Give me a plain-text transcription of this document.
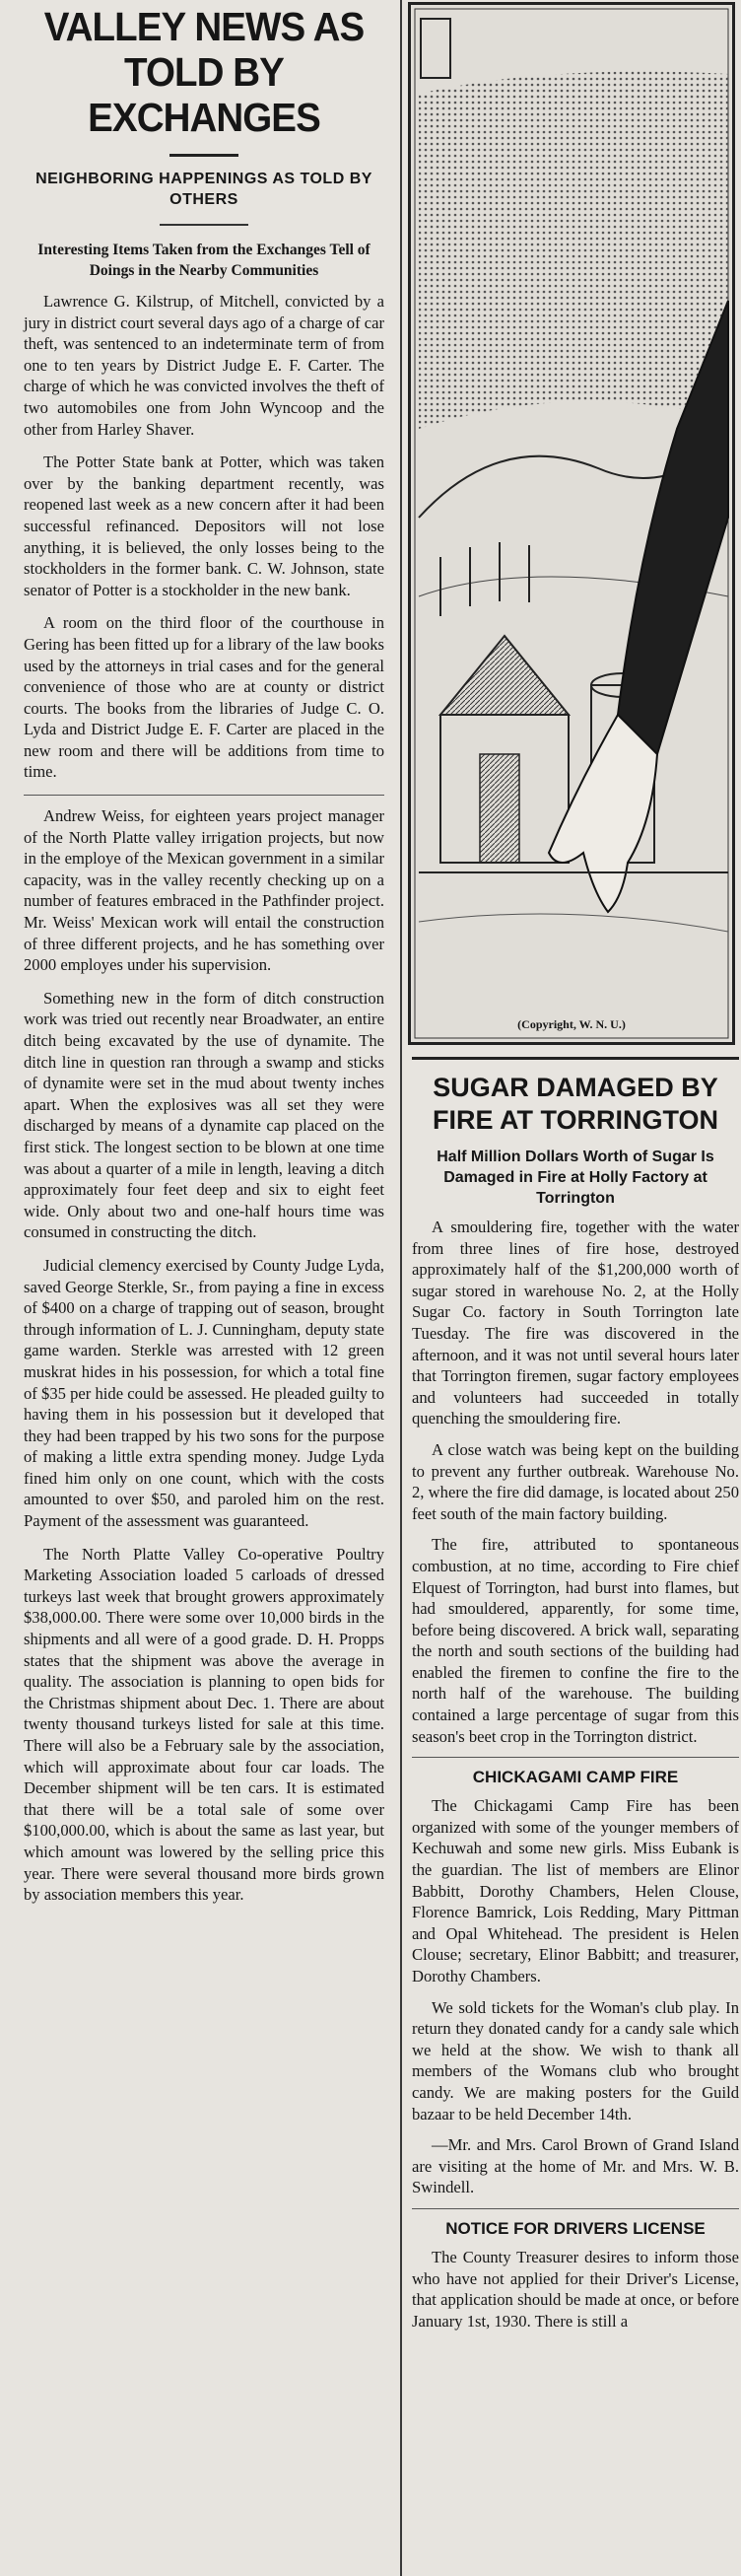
VALLEY NEWS AS TOLD BY EXCHANGES

NEIGHBORING HAPPENINGS AS TOLD BY OTHERS

Interesting Items Taken from the Exchanges Tell of Doings in the Nearby Communities

Lawrence G. Kilstrup, of Mitchell, convicted by a jury in district court several days ago of a charge of car theft, was sentenced to an indeterminate term of from one to ten years by District Judge E. F. Carter. The charge of which he was convicted involves the theft of two automobiles one from John Wyncoop and the other from Harley Shaver.

The Potter State bank at Potter, which was taken over by the banking department recently, was reopened last week as a new concern after it had been successful refinanced. Depositors will not lose anything, it is believed, the only losses being to the stockholders in the former bank. C. W. Johnson, state senator of Potter is a stockholder in the new bank.

A room on the third floor of the courthouse in Gering has been fitted up for a library of the law books used by the attorneys in trial cases and for the general convenience of those who are at county or district courts. The books from the libraries of Judge C. O. Lyda and District Judge E. F. Carter are placed in the new room and there will be additions from time to time.

Andrew Weiss, for eighteen years project manager of the North Platte valley irrigation projects, but now in the employe of the Mexican government in a similar capacity, was in the valley recently checking up on a number of features embraced in the Pathfinder project. Mr. Weiss' Mexican work will entail the construction of three different projects, and he has something over 2000 employes under his supervision.

Something new in the form of ditch construction work was tried out recently near Broadwater, an entire ditch being excavated by the use of dynamite. The ditch line in question ran through a swamp and sticks of dynamite were set in the mud about twenty inches apart. When the explosives was all set they were discharged by means of a dynamite cap placed on the first stick. The longest section to be blown at one time was about a quarter of a mile in length, leaving a ditch approximately four feet deep and six to eight feet wide. Only about two and one-half hours time was consumed in constructing the ditch.

Judicial clemency exercised by County Judge Lyda, saved George Sterkle, Sr., from paying a fine in excess of $400 on a charge of trapping out of season, brought through information of L. J. Cunningham, deputy state game warden. Sterkle was arrested with 12 green muskrat hides in his possession, for which a total fine of $35 per hide could be assessed. He pleaded guilty to having them in his possession but it developed that they had been trapped by his two sons for the purpose of making a little extra spending money. Judge Lyda fined him only on one count, which with the costs amounted to over $50, and paroled him on the rest. Payment of the assessment was guaranteed.

The North Platte Valley Co-operative Poultry Marketing Association loaded 5 carloads of dressed turkeys last week that brought growers approximately $38,000.00. There were some over 10,000 birds in the shipments and all were of a good grade. D. H. Propps states that the shipment was above the average in quality. The association is planning to open bids for the Christmas shipment about Dec. 1. There are about twenty thousand turkeys listed for sale at this time. There will also be a February sale by the association, which will approximate about four car loads. The December shipment will be ten cars. It is estimated that there will be a total sale of some over $100,000.00, which is about the same as last year, but which amount was lowered by the selling price this year. There were several thousand more birds grown by association members this year.

(Copyright, W. N. U.)
SUGAR DAMAGED BY FIRE AT TORRINGTON

Half Million Dollars Worth of Sugar Is Damaged in Fire at Holly Factory at Torrington

A smouldering fire, together with the water from three lines of fire hose, destroyed approximately half of the $1,200,000 worth of sugar stored in warehouse No. 2, at the Holly Sugar Co. factory in South Torrington late Tuesday. The fire was discovered in the afternoon, and it was not until several hours later that Torrington firemen, sugar factory employees and volunteers had succeeded in totally quenching the smouldering fire.

A close watch was being kept on the building to prevent any further outbreak. Warehouse No. 2, where the fire did damage, is located about 250 feet south of the main factory building.

The fire, attributed to spontaneous combustion, at no time, according to Fire chief Elquest of Torrington, had burst into flames, but had smouldered, apparently, for some time, before being discovered. A brick wall, separating the north and south sections of the building had enabled the firemen to confine the fire to the north half of the warehouse. The building contained a large percentage of sugar from this season's beet crop in the Torrington district.

CHICKAGAMI CAMP FIRE

The Chickagami Camp Fire has been organized with some of the younger members of Kechuwah and some new girls. Miss Eubank is the guardian. The list of members are Elinor Babbitt, Dorothy Chambers, Helen Clouse, Florence Bamrick, Lois Redding, Mary Pittman and Opal Whitehead. The president is Helen Clouse; secretary, Elinor Babbitt; and treasurer, Dorothy Chambers.

We sold tickets for the Woman's club play. In return they donated candy for a candy sale which we held at the show. We wish to thank all members of the Womans club who brought candy. We are making posters for the Guild bazaar to be held December 14th.

—Mr. and Mrs. Carol Brown of Grand Island are visiting at the home of Mr. and Mrs. W. B. Swindell.

NOTICE FOR DRIVERS LICENSE

The County Treasurer desires to inform those who have not applied for their Driver's License, that application should be made at once, or before January 1st, 1930. There is still a
